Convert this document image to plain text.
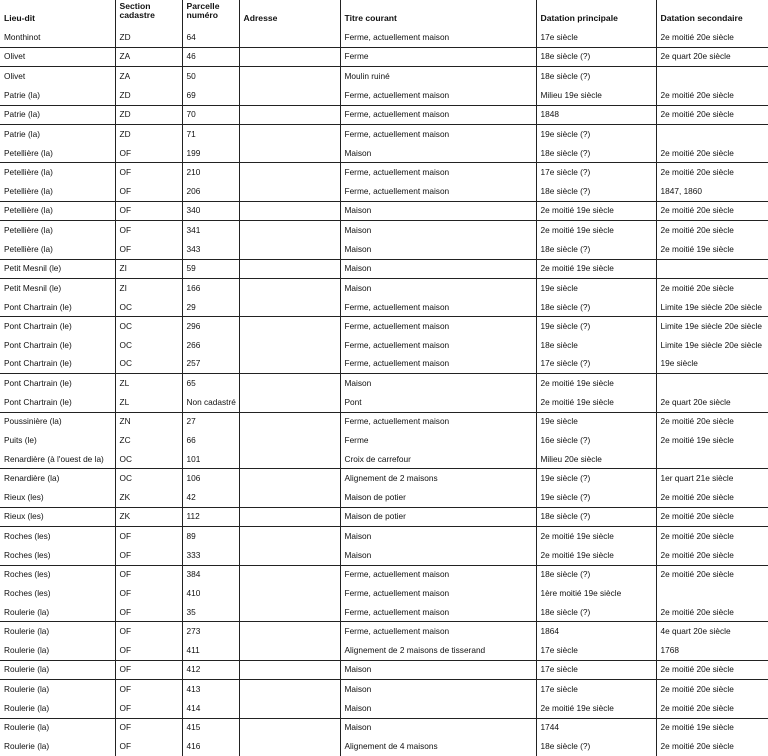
Lieu-dit	Section cadastre	Parcelle numéro	Adresse	Titre courant	Datation principale	Datation secondaire
Monthinot	ZD	64		Ferme, actuellement maison	17e siècle	2e moitié 20e siècle
Olivet	ZA	46		Ferme	18e siècle (?)	2e quart 20e siècle
Olivet	ZA	50		Moulin ruiné	18e siècle (?)	
Patrie (la)	ZD	69		Ferme, actuellement maison	Milieu 19e siècle	2e moitié 20e siècle
Patrie (la)	ZD	70		Ferme, actuellement maison	1848	2e moitié 20e siècle
Patrie (la)	ZD	71		Ferme, actuellement maison	19e siècle (?)	
Petellière (la)	OF	199		Maison	18e siècle (?)	2e moitié 20e siècle
Petellière (la)	OF	210		Ferme, actuellement maison	17e siècle (?)	2e moitié 20e siècle
Petellière (la)	OF	206		Ferme, actuellement maison	18e siècle (?)	1847, 1860
Petellière (la)	OF	340		Maison	2e moitié 19e siècle	2e moitié 20e siècle
Petellière (la)	OF	341		Maison	2e moitié 19e siècle	2e moitié 20e siècle
Petellière (la)	OF	343		Maison	18e siècle (?)	2e moitié 19e siècle
Petit Mesnil (le)	ZI	59		Maison	2e moitié 19e siècle	
Petit Mesnil (le)	ZI	166		Maison	19e siècle	2e moitié 20e siècle
Pont Chartrain (le)	OC	29		Ferme, actuellement maison	18e siècle (?)	Limite 19e siècle 20e siècle
Pont Chartrain (le)	OC	296		Ferme, actuellement maison	19e siècle (?)	Limite 19e siècle 20e siècle
Pont Chartrain (le)	OC	266		Ferme, actuellement maison	18e siècle	Limite 19e siècle 20e siècle
Pont Chartrain (le)	OC	257		Ferme, actuellement maison	17e siècle (?)	19e siècle
Pont Chartrain (le)	ZL	65		Maison	2e moitié 19e siècle	
Pont Chartrain (le)	ZL	Non cadastré		Pont	2e moitié 19e siècle	2e quart 20e siècle
Poussinière (la)	ZN	27		Ferme, actuellement maison	19e siècle	2e moitié 20e siècle
Puits (le)	ZC	66		Ferme	16e siècle (?)	2e moitié 19e siècle
Renardière (à l'ouest de la)	OC	101		Croix de carrefour	Milieu 20e siècle	
Renardière (la)	OC	106		Alignement de 2 maisons	19e siècle (?)	1er quart 21e siècle
Rieux (les)	ZK	42		Maison de potier	19e siècle (?)	2e moitié 20e siècle
Rieux (les)	ZK	112		Maison de potier	18e siècle (?)	2e moitié 20e siècle
Roches (les)	OF	89		Maison	2e moitié 19e siècle	2e moitié 20e siècle
Roches (les)	OF	333		Maison	2e moitié 19e siècle	2e moitié 20e siècle
Roches (les)	OF	384		Ferme, actuellement maison	18e siècle (?)	2e moitié 20e siècle
Roches (les)	OF	410		Ferme, actuellement maison	1ère moitié 19e siècle	
Roulerie (la)	OF	35		Ferme, actuellement maison	18e siècle (?)	2e moitié 20e siècle
Roulerie (la)	OF	273		Ferme, actuellement maison	1864	4e quart 20e siècle
Roulerie (la)	OF	411		Alignement de 2 maisons de tisserand	17e siècle	1768
Roulerie (la)	OF	412		Maison	17e siècle	2e moitié 20e siècle
Roulerie (la)	OF	413		Maison	17e siècle	2e moitié 20e siècle
Roulerie (la)	OF	414		Maison	2e moitié 19e siècle	2e moitié 20e siècle
Roulerie (la)	OF	415		Maison	1744	2e moitié 19e siècle
Roulerie (la)	OF	416		Alignement de 4 maisons	18e siècle (?)	2e moitié 20e siècle
